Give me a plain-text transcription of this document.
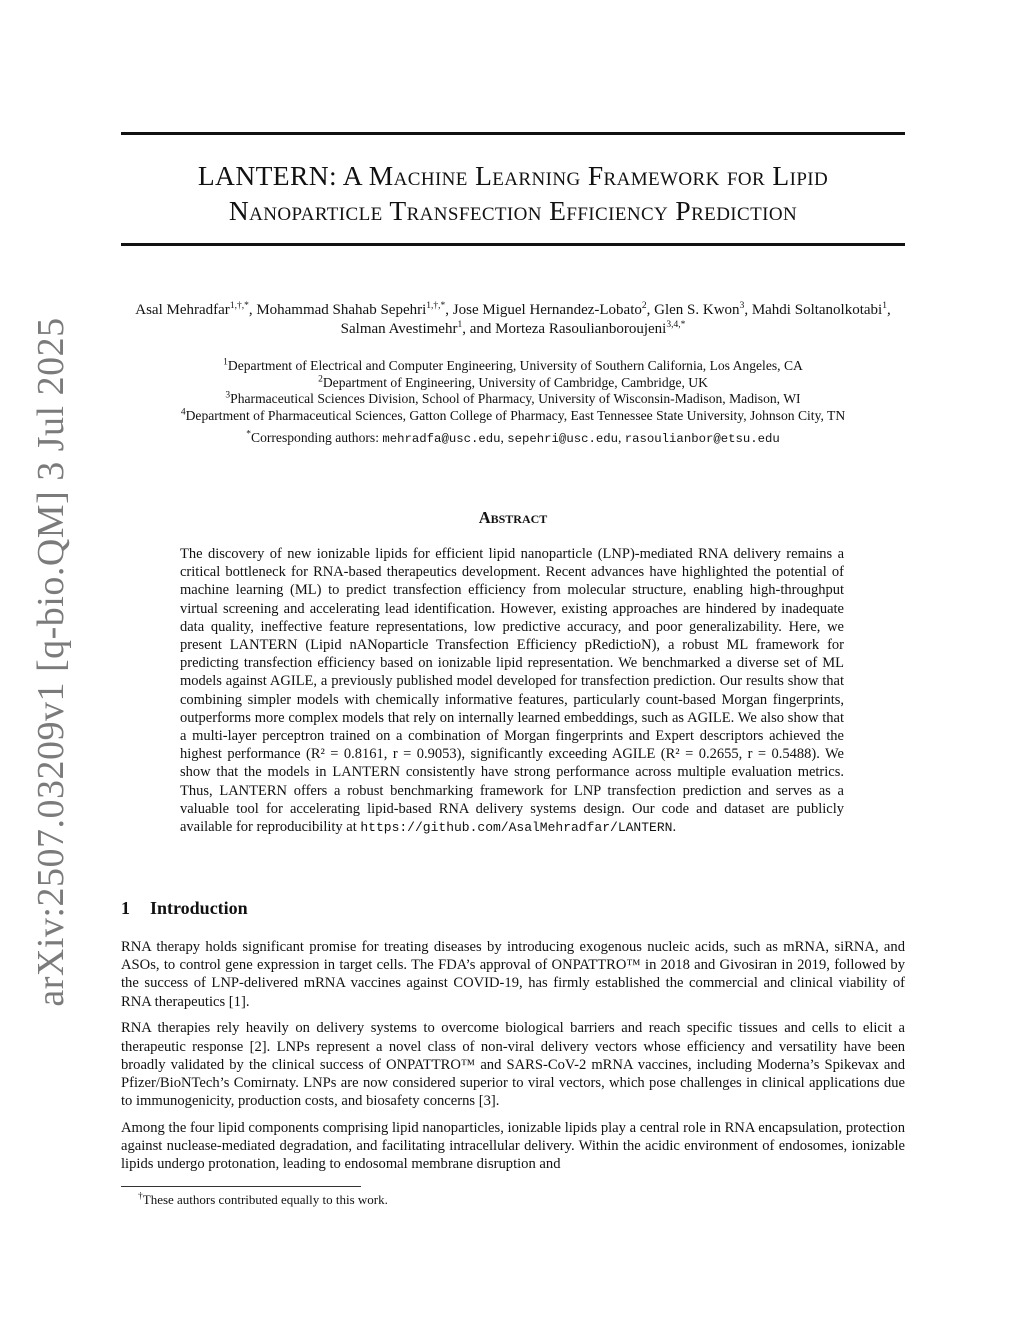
arXiv:2507.03209v1 [q-bio.QM] 3 Jul 2025
LANTERN: A Machine Learning Framework for Lipid
Nanoparticle Transfection Efficiency Prediction
Asal Mehradfar$^{1,\dagger,*}$, Mohammad Shahab Sepehri$^{1,\dagger,*}$, Jose Miguel Hernandez-Lobato$^2$, Glen S. Kwon$^3$, Mahdi Soltanolkotabi$^1$, Salman Avestimehr$^1$, and Morteza Rasoulianboroujeni$^{3,4,*}$
$^1$Department of Electrical and Computer Engineering, University of Southern California, Los Angeles, CA
$^2$Department of Engineering, University of Cambridge, Cambridge, UK
$^3$Pharmaceutical Sciences Division, School of Pharmacy, University of Wisconsin-Madison, Madison, WI
$^4$Department of Pharmaceutical Sciences, Gatton College of Pharmacy, East Tennessee State University, Johnson City, TN
*Corresponding authors: mehradfa@usc.edu, sepehri@usc.edu, rasoulianbor@etsu.edu
Abstract
The discovery of new ionizable lipids for efficient lipid nanoparticle (LNP)-mediated RNA delivery remains a critical bottleneck for RNA-based therapeutics development. Recent advances have highlighted the potential of machine learning (ML) to predict transfection efficiency from molecular structure, enabling high-throughput virtual screening and accelerating lead identification. However, existing approaches are hindered by inadequate data quality, ineffective feature representations, low predictive accuracy, and poor generalizability. Here, we present LANTERN (Lipid nANoparticle Transfection Efficiency pRedictioN), a robust ML framework for predicting transfection efficiency based on ionizable lipid representation. We benchmarked a diverse set of ML models against AGILE, a previously published model developed for transfection prediction. Our results show that combining simpler models with chemically informative features, particularly count-based Morgan fingerprints, outperforms more complex models that rely on internally learned embeddings, such as AGILE. We also show that a multi-layer perceptron trained on a combination of Morgan fingerprints and Expert descriptors achieved the highest performance (R² = 0.8161, r = 0.9053), significantly exceeding AGILE (R² = 0.2655, r = 0.5488). We show that the models in LANTERN consistently have strong performance across multiple evaluation metrics. Thus, LANTERN offers a robust benchmarking framework for LNP transfection prediction and serves as a valuable tool for accelerating lipid-based RNA delivery systems design. Our code and dataset are publicly available for reproducibility at https://github.com/AsalMehradfar/LANTERN.
1 Introduction

RNA therapy holds significant promise for treating diseases by introducing exogenous nucleic acids, such as mRNA, siRNA, and ASOs, to control gene expression in target cells. The FDA’s approval of ONPATTRO™ in 2018 and Givosiran in 2019, followed by the success of LNP-delivered mRNA vaccines against COVID-19, has firmly established the commercial and clinical viability of RNA therapeutics [1].

RNA therapies rely heavily on delivery systems to overcome biological barriers and reach specific tissues and cells to elicit a therapeutic response [2]. LNPs represent a novel class of non-viral delivery vectors whose efficiency and versatility have been broadly validated by the clinical success of ONPATTRO™ and SARS-CoV-2 mRNA vaccines, including Moderna’s Spikevax and Pfizer/BioNTech’s Comirnaty. LNPs are now considered superior to viral vectors, which pose challenges in clinical applications due to immunogenicity, production costs, and biosafety concerns [3].

Among the four lipid components comprising lipid nanoparticles, ionizable lipids play a central role in RNA encapsulation, protection against nuclease-mediated degradation, and facilitating intracellular delivery. Within the acidic environment of endosomes, ionizable lipids undergo protonation, leading to endosomal membrane disruption and

†These authors contributed equally to this work.
